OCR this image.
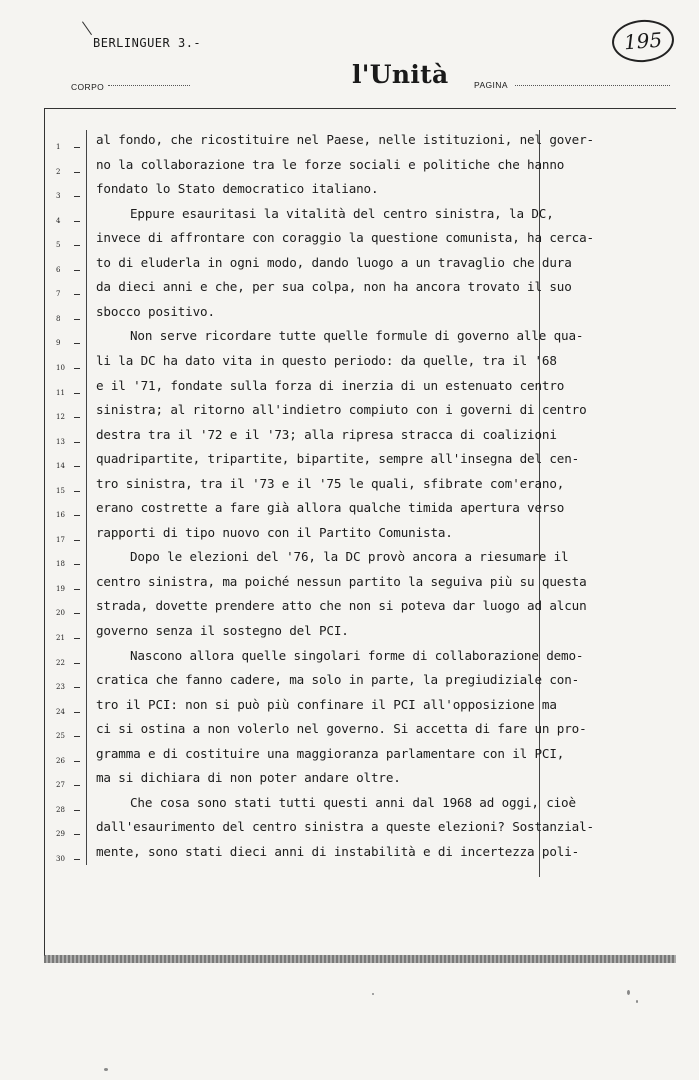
BERLINGUER 3.-	195
CORPO	l'Unità	PAGINA
1
2
3
4
5
6
7
8
9
10
11
12
13
14
15
16
17
18
19
20
21
22
23
24
25
26
27
28
29
30
al fondo, che ricostituire nel Paese, nelle istituzioni, nel gover-
no la collaborazione tra le forze sociali e politiche che hanno
fondato lo Stato democratico italiano.
Eppure esauritasi la vitalità del centro sinistra, la DC,
invece di affrontare con coraggio la questione comunista, ha cerca-
to di eluderla in ogni modo, dando luogo a un travaglio che dura
da dieci anni e che, per sua colpa, non ha ancora trovato il suo
sbocco positivo.
Non serve ricordare tutte quelle formule di governo alle qua-
li la DC ha dato vita in questo periodo: da quelle, tra il '68
e il '71, fondate sulla forza di inerzia di un estenuato centro
sinistra; al ritorno all'indietro compiuto con i governi di centro
destra tra il '72 e il '73; alla ripresa stracca di coalizioni
quadripartite, tripartite, bipartite, sempre all'insegna del cen-
tro sinistra, tra il '73 e il '75 le quali, sfibrate com'erano,
erano costrette a fare già allora qualche timida apertura verso
rapporti di tipo nuovo con il Partito Comunista.
Dopo le elezioni del '76, la DC provò ancora a riesumare il
centro sinistra, ma poiché nessun partito la seguiva più su questa
strada, dovette prendere atto che non si poteva dar luogo ad alcun
governo senza il sostegno del PCI.
Nascono allora quelle singolari forme di collaborazione demo-
cratica che fanno cadere, ma solo in parte, la pregiudiziale con-
tro il PCI: non si può più confinare il PCI all'opposizione ma
ci si ostina a non volerlo nel governo. Si accetta di fare un pro-
gramma e di costituire una maggioranza parlamentare con il PCI,
ma si dichiara di non poter andare oltre.
Che cosa sono stati tutti questi anni dal 1968 ad oggi, cioè
dall'esaurimento del centro sinistra a queste elezioni? Sostanzial-
mente, sono stati dieci anni di instabilità e di incertezza poli-
